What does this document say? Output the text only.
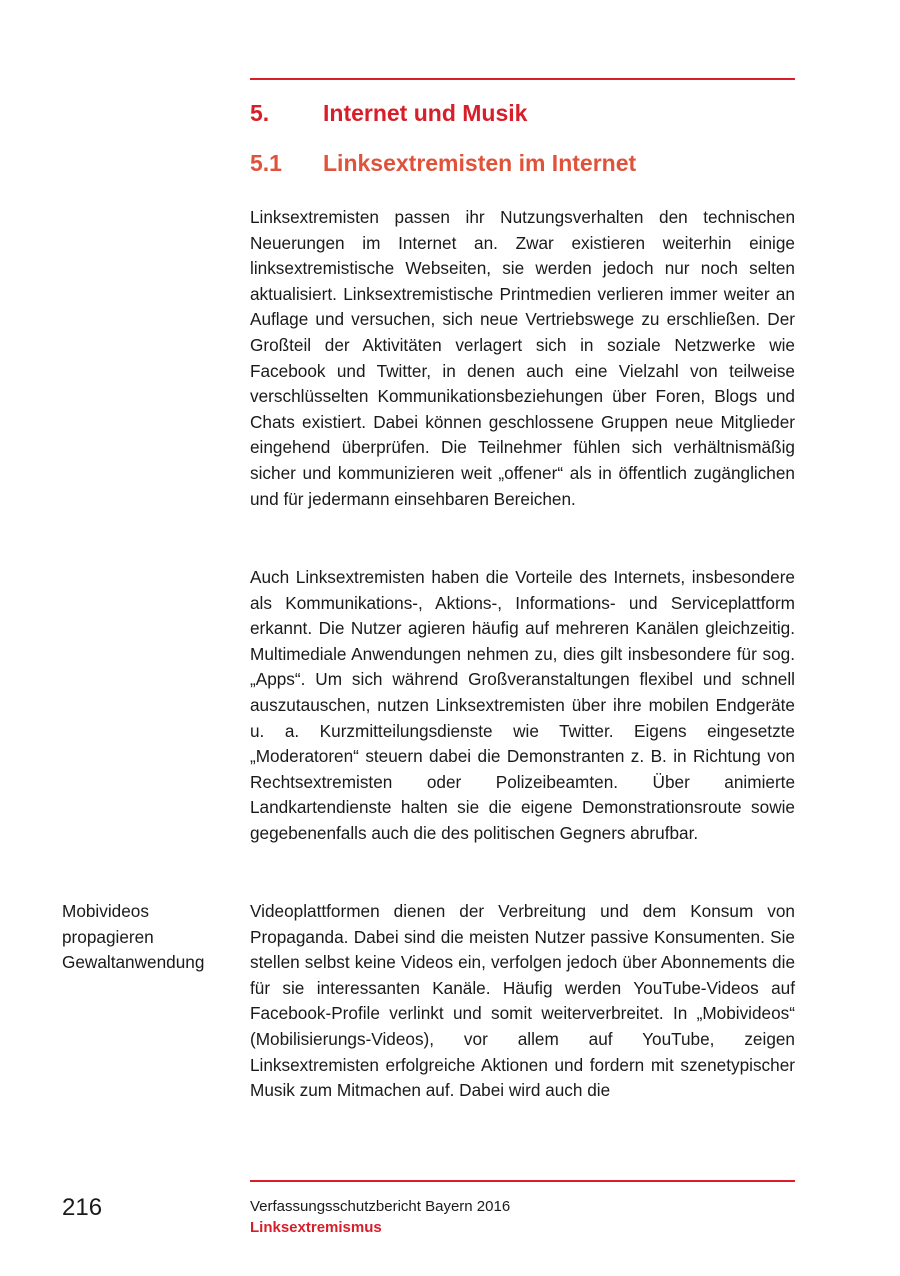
5. Internet und Musik
5.1 Linksextremisten im Internet

Linksextremisten passen ihr Nutzungsverhalten den technischen Neuerungen im Internet an. Zwar existieren weiterhin einige linksextremistische Webseiten, sie werden jedoch nur noch selten aktualisiert. Linksextremistische Printmedien verlieren immer weiter an Auflage und versuchen, sich neue Vertriebswege zu erschließen. Der Großteil der Aktivitäten verlagert sich in soziale Netzwerke wie Facebook und Twitter, in denen auch eine Vielzahl von teilweise verschlüsselten Kommunikationsbeziehungen über Foren, Blogs und Chats existiert. Dabei können geschlossene Gruppen neue Mitglieder eingehend überprüfen. Die Teilnehmer fühlen sich verhältnismäßig sicher und kommunizieren weit „offener“ als in öffentlich zugänglichen und für jedermann einsehbaren Bereichen.

Auch Linksextremisten haben die Vorteile des Internets, insbesondere als Kommunikations-, Aktions-, Informations- und Serviceplattform erkannt. Die Nutzer agieren häufig auf mehreren Kanälen gleichzeitig. Multimediale Anwendungen nehmen zu, dies gilt insbesondere für sog. „Apps“. Um sich während Großveranstaltungen flexibel und schnell auszutauschen, nutzen Linksextremisten über ihre mobilen Endgeräte u. a. Kurzmitteilungsdienste wie Twitter. Eigens eingesetzte „Moderatoren“ steuern dabei die Demonstranten z. B. in Richtung von Rechtsextremisten oder Polizeibeamten. Über animierte Landkartendienste halten sie die eigene Demonstrationsroute sowie gegebenenfalls auch die des politischen Gegners abrufbar.

Mobivideos
propagieren
Gewaltanwendung

Videoplattformen dienen der Verbreitung und dem Konsum von Propaganda. Dabei sind die meisten Nutzer passive Konsumenten. Sie stellen selbst keine Videos ein, verfolgen jedoch über Abonnements die für sie interessanten Kanäle. Häufig werden YouTube-Videos auf Facebook-Profile verlinkt und somit weiterverbreitet. In „Mobivideos“ (Mobilisierungs-Videos), vor allem auf YouTube, zeigen Linksextremisten erfolgreiche Aktionen und fordern mit szenetypischer Musik zum Mitmachen auf. Dabei wird auch die

216	Verfassungsschutzbericht Bayern 2016
Linksextremismus
